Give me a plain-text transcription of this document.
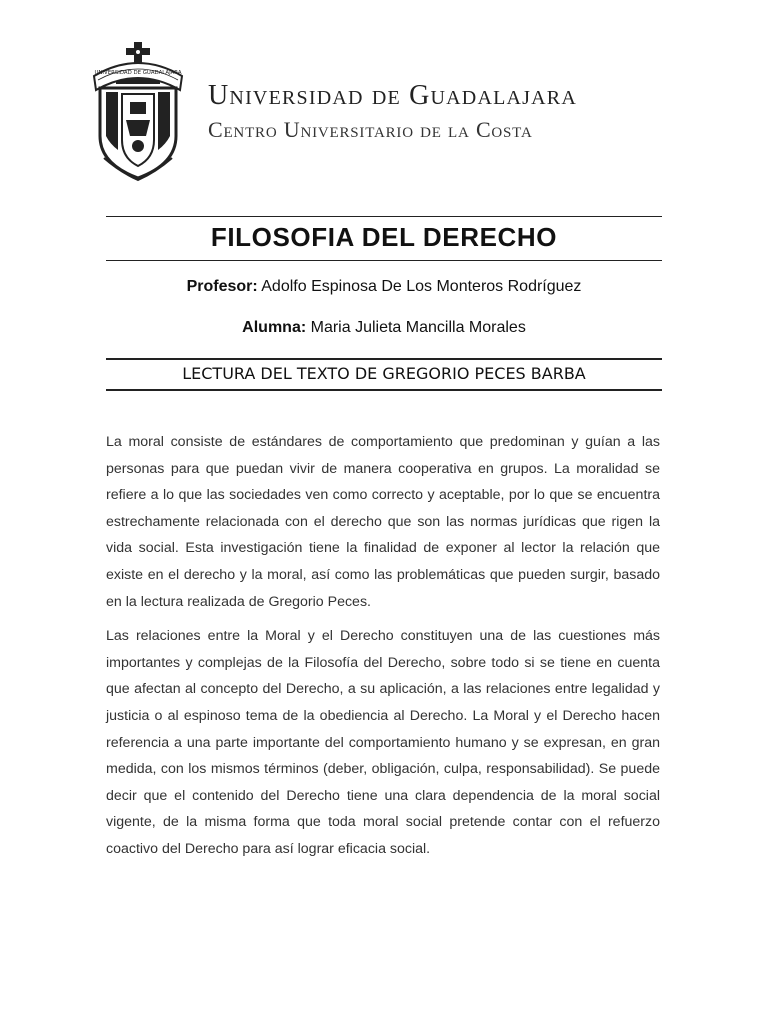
UNIVERSIDAD DE GUADALAJARA
Universidad de Guadalajara
Centro Universitario de la Costa
FILOSOFIA DEL DERECHO
Profesor: Adolfo Espinosa De Los Monteros Rodríguez
Alumna: Maria Julieta Mancilla Morales
LECTURA DEL TEXTO DE GREGORIO PECES BARBA

La moral consiste de estándares de comportamiento que predominan y guían a las personas para que puedan vivir de manera cooperativa en grupos. La moralidad se refiere a lo que las sociedades ven como correcto y aceptable, por lo que se encuentra estrechamente relacionada con el derecho que son las normas jurídicas que rigen la vida social. Esta investigación tiene la finalidad de exponer al lector la relación que existe en el derecho y la moral, así como las problemáticas que pueden surgir, basado en la lectura realizada de Gregorio Peces.

Las relaciones entre la Moral y el Derecho constituyen una de las cuestiones más importantes y complejas de la Filosofía del Derecho, sobre todo si se tiene en cuenta que afectan al concepto del Derecho, a su aplicación, a las relaciones entre legalidad y justicia o al espinoso tema de la obediencia al Derecho. La Moral y el Derecho hacen referencia a una parte importante del comportamiento humano y se expresan, en gran medida, con los mismos términos (deber, obligación, culpa, responsabilidad). Se puede decir que el contenido del Derecho tiene una clara dependencia de la moral social vigente, de la misma forma que toda moral social pretende contar con el refuerzo coactivo del Derecho para así lograr eficacia social.
